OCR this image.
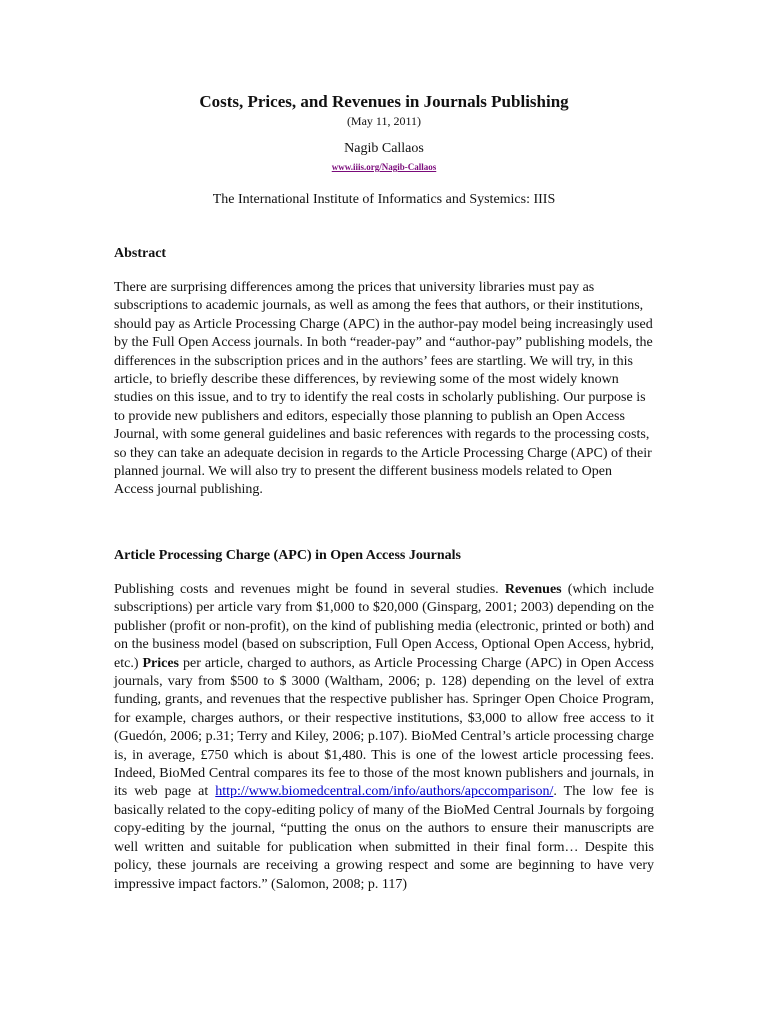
Costs, Prices, and Revenues in Journals Publishing
(May 11, 2011)
Nagib Callaos
www.iiis.org/Nagib-Callaos
The International Institute of Informatics and Systemics: IIIS
Abstract

There are surprising differences among the prices that university libraries must pay as subscriptions to academic journals, as well as among the fees that authors, or their institutions, should pay as Article Processing Charge (APC) in the author-pay model being increasingly used by the Full Open Access journals. In both “reader-pay” and “author-pay” publishing models, the differences in the subscription prices and in the authors’ fees are startling. We will try, in this article, to briefly describe these differences, by reviewing some of the most widely known studies on this issue, and to try to identify the real costs in scholarly publishing. Our purpose is to provide new publishers and editors, especially those planning to publish an Open Access Journal, with some general guidelines and basic references with regards to the processing costs, so they can take an adequate decision in regards to the Article Processing Charge (APC) of their planned journal. We will also try to present the different business models related to Open Access journal publishing.

Article Processing Charge (APC) in Open Access Journals

Publishing costs and revenues might be found in several studies. Revenues (which include subscriptions) per article vary from $1,000 to $20,000 (Ginsparg, 2001; 2003) depending on the publisher (profit or non-profit), on the kind of publishing media (electronic, printed or both) and on the business model (based on subscription, Full Open Access, Optional Open Access, hybrid, etc.) Prices per article, charged to authors, as Article Processing Charge (APC) in Open Access journals, vary from $500 to $ 3000 (Waltham, 2006; p. 128) depending on the level of extra funding, grants, and revenues that the respective publisher has. Springer Open Choice Program, for example, charges authors, or their respective institutions, $3,000 to allow free access to it (Guedón, 2006; p.31; Terry and Kiley, 2006; p.107). BioMed Central’s article processing charge is, in average, £750 which is about $1,480. This is one of the lowest article processing fees. Indeed, BioMed Central compares its fee to those of the most known publishers and journals, in its web page at http://www.biomedcentral.com/info/authors/apccomparison/. The low fee is basically related to the copy-editing policy of many of the BioMed Central Journals by forgoing copy-editing by the journal, “putting the onus on the authors to ensure their manuscripts are well written and suitable for publication when submitted in their final form… Despite this policy, these journals are receiving a growing respect and some are beginning to have very impressive impact factors.” (Salomon, 2008; p. 117)
